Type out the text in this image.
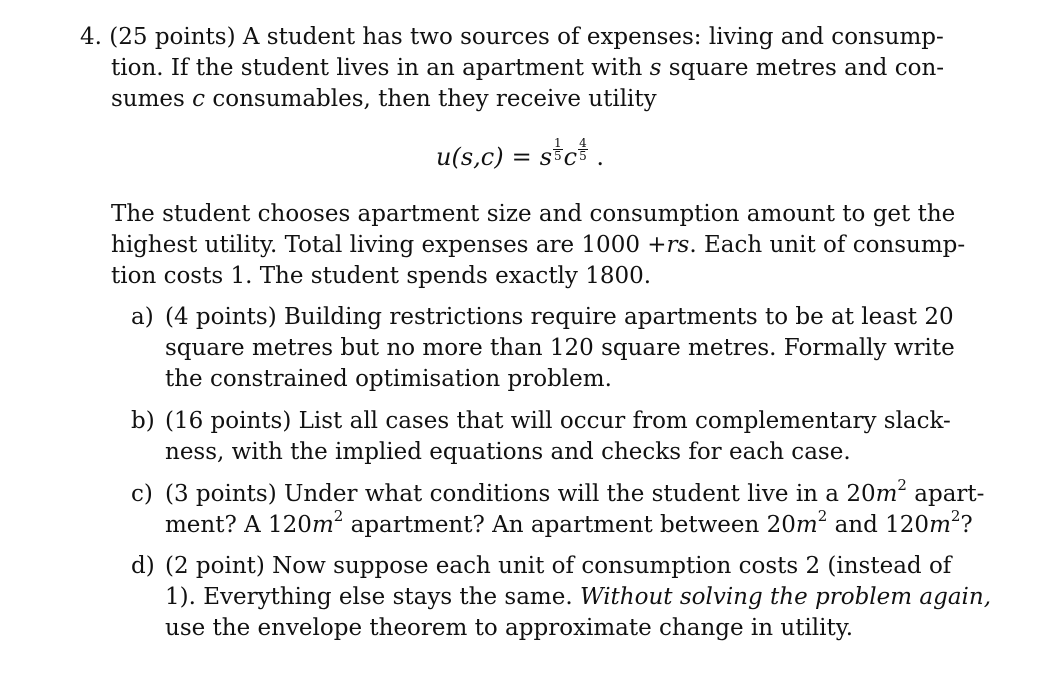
4. (25 points) A student has two sources of expenses: living and consump-
tion. If the student lives in an apartment with s square metres and con-
sumes c consumables, then they receive utility
u(s,c) = s $\frac{1}{5}$ c $\frac{4}{5}$ .
The student chooses apartment size and consumption amount to get the
highest utility. Total living expenses are 1000 +rs. Each unit of consump-
tion costs 1. The student spends exactly 1800.
a) (4 points) Building restrictions require apartments to be at least 20
square metres but no more than 120 square metres. Formally write
the constrained optimisation problem.
b) (16 points) List all cases that will occur from complementary slack-
ness, with the implied equations and checks for each case.
c) (3 points) Under what conditions will the student live in a $20m^2$ apart-
ment? A $120m^2$ apartment? An apartment between $20m^2$ and $120m^2$?
d) (2 point) Now suppose each unit of consumption costs 2 (instead of
1). Everything else stays the same. Without solving the problem again,
use the envelope theorem to approximate change in utility.
